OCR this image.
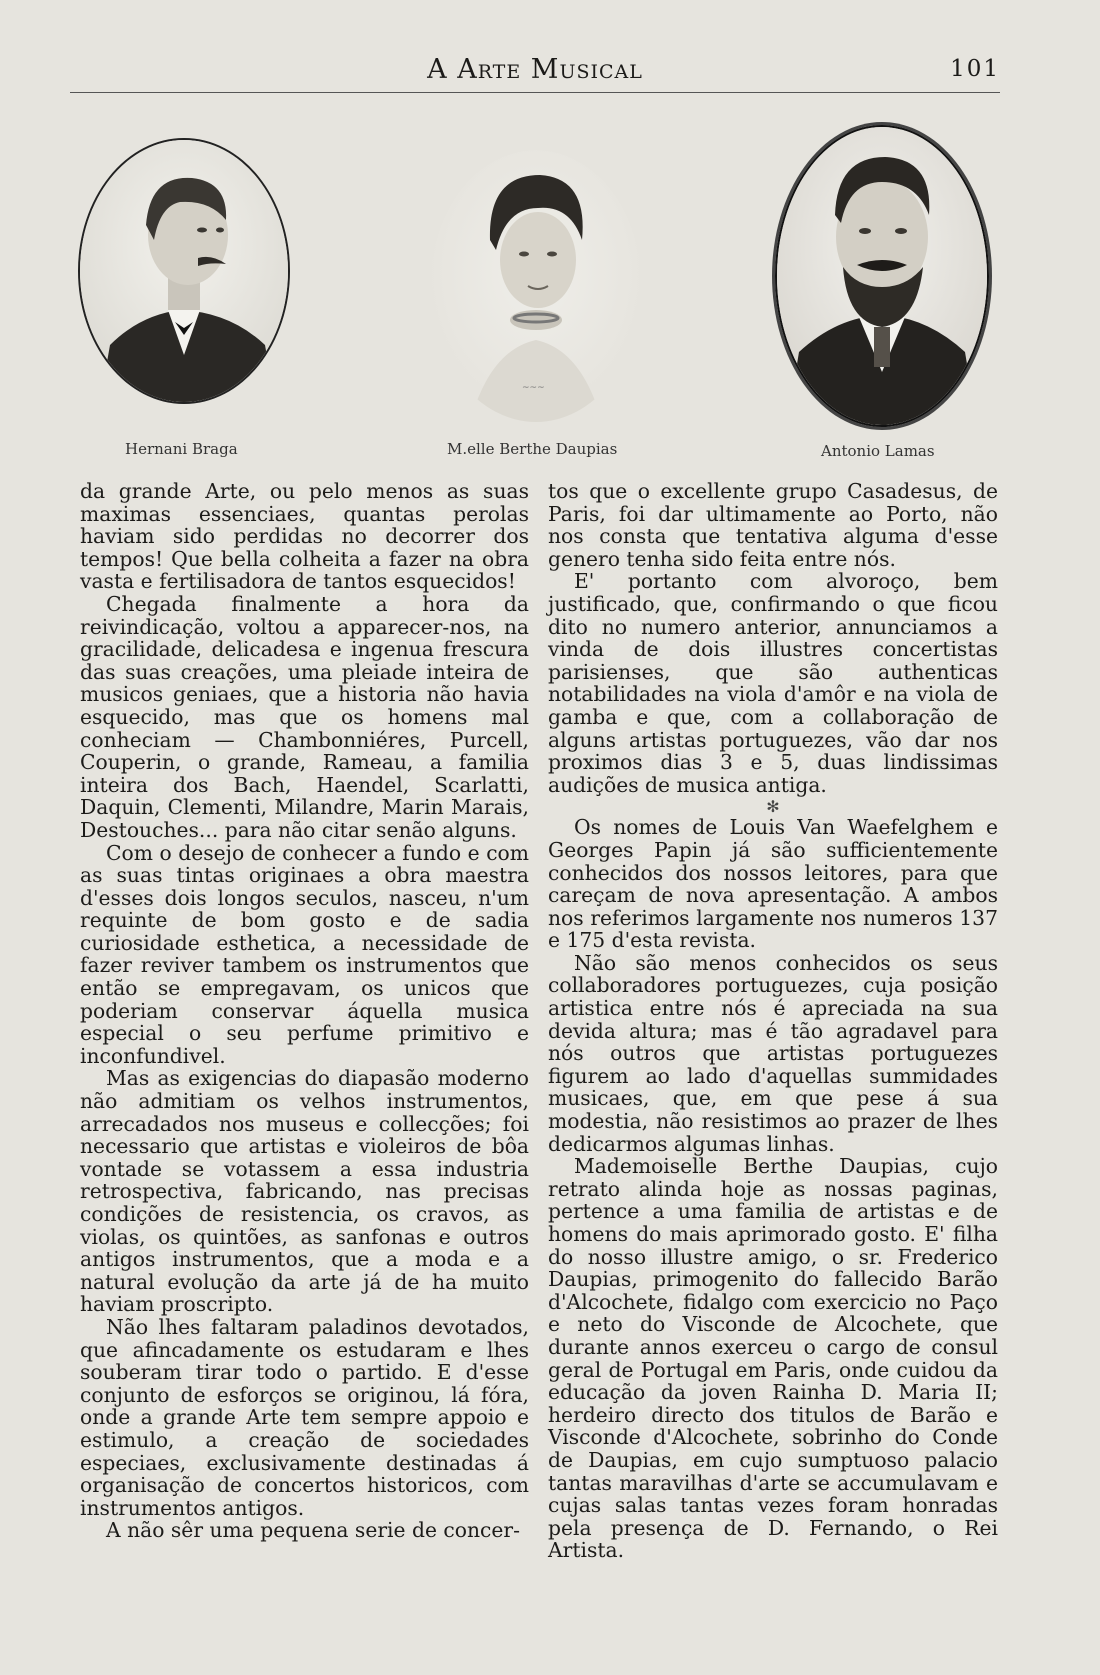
A Arte Musical	101
~~~
Hernani Braga	M.elle Berthe Daupias	Antonio Lamas

da grande Arte, ou pelo menos as suas maximas essenciaes, quantas perolas haviam sido perdidas no decorrer dos tempos! Que bella colheita a fazer na obra vasta e fertilisadora de tantos esquecidos!

Chegada finalmente a hora da reivindicação, voltou a apparecer-nos, na gracilidade, delicadesa e ingenua frescura das suas creações, uma pleiade inteira de musicos geniaes, que a historia não havia esquecido, mas que os homens mal conheciam — Chambonniéres, Purcell, Couperin, o grande, Rameau, a familia inteira dos Bach, Haendel, Scarlatti, Daquin, Clementi, Milandre, Marin Marais, Destouches... para não citar senão alguns.

Com o desejo de conhecer a fundo e com as suas tintas originaes a obra maestra d'esses dois longos seculos, nasceu, n'um requinte de bom gosto e de sadia curiosidade esthetica, a necessidade de fazer reviver tambem os instrumentos que então se empregavam, os unicos que poderiam conservar áquella musica especial o seu perfume primitivo e inconfundivel.

Mas as exigencias do diapasão moderno não admitiam os velhos instrumentos, arrecadados nos museus e collecções; foi necessario que artistas e violeiros de bôa vontade se votassem a essa industria retrospectiva, fabricando, nas precisas condições de resistencia, os cravos, as violas, os quintões, as sanfonas e outros antigos instrumentos, que a moda e a natural evolução da arte já de ha muito haviam proscripto.

Não lhes faltaram paladinos devotados, que afincadamente os estudaram e lhes souberam tirar todo o partido. E d'esse conjunto de esforços se originou, lá fóra, onde a grande Arte tem sempre appoio e estimulo, a creação de sociedades especiaes, exclusivamente destinadas á organisação de concertos historicos, com instrumentos antigos.

A não sêr uma pequena serie de concer-

tos que o excellente grupo Casadesus, de Paris, foi dar ultimamente ao Porto, não nos consta que tentativa alguma d'esse genero tenha sido feita entre nós.

E' portanto com alvoroço, bem justificado, que, confirmando o que ficou dito no numero anterior, annunciamos a vinda de dois illustres concertistas parisienses, que são authenticas notabilidades na viola d'amôr e na viola de gamba e que, com a collaboração de alguns artistas portuguezes, vão dar nos proximos dias 3 e 5, duas lindissimas audições de musica antiga.

✻

Os nomes de Louis Van Waefelghem e Georges Papin já são sufficientemente conhecidos dos nossos leitores, para que careçam de nova apresentação. A ambos nos referimos largamente nos numeros 137 e 175 d'esta revista.

Não são menos conhecidos os seus collaboradores portuguezes, cuja posição artistica entre nós é apreciada na sua devida altura; mas é tão agradavel para nós outros que artistas portuguezes figurem ao lado d'aquellas summidades musicaes, que, em que pese á sua modestia, não resistimos ao prazer de lhes dedicarmos algumas linhas.

Mademoiselle Berthe Daupias, cujo retrato alinda hoje as nossas paginas, pertence a uma familia de artistas e de homens do mais aprimorado gosto. E' filha do nosso illustre amigo, o sr. Frederico Daupias, primogenito do fallecido Barão d'Alcochete, fidalgo com exercicio no Paço e neto do Visconde de Alcochete, que durante annos exerceu o cargo de consul geral de Portugal em Paris, onde cuidou da educação da joven Rainha D. Maria II; herdeiro directo dos titulos de Barão e Visconde d'Alcochete, sobrinho do Conde de Daupias, em cujo sumptuoso palacio tantas maravilhas d'arte se accumulavam e cujas salas tantas vezes foram honradas pela presença de D. Fernando, o Rei Artista.
